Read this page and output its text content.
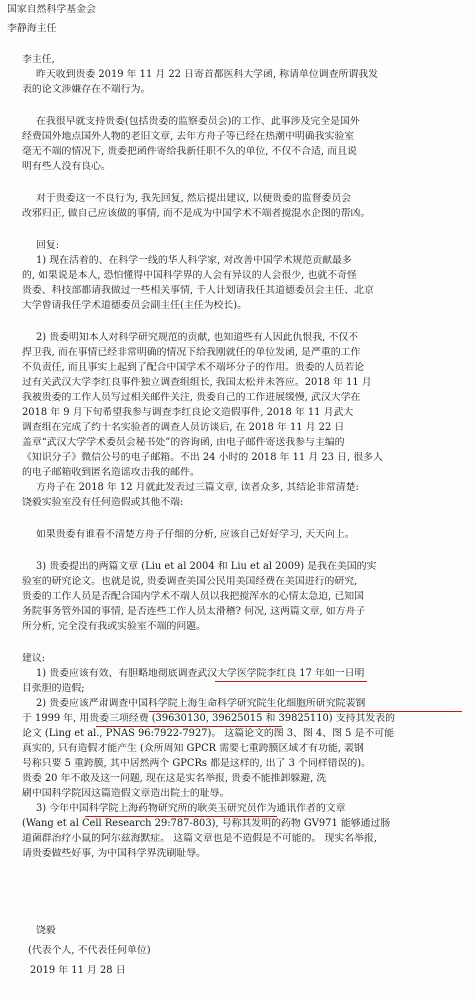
国家自然科学基金会
李静海主任
李主任,
昨天收到贵委 2019 年 11 月 22 日寄首都医科大学函, 称请单位调查所谓我发
表的论文涉嫌存在不端行为。
在我很早就支持贵委(包括贵委的监察委员会)的工作、此事涉及完全是国外
经费国外地点国外人物的老旧文章, 去年方舟子等已经在热潮中明确我实验室
毫无不端的情况下, 贵委把函件寄给我新任职不久的单位, 不仅不合适, 而且说
明有些人没有良心。
对于贵委这一不良行为, 我先回复, 然后提出建议, 以便贵委的监督委员会
改邪归正, 做自己应该做的事情, 而不是成为中国学术不端者搅混水企图的帮凶。
回复:
1) 现在活着的、在科学一线的华人科学家, 对改善中国学术规范贡献最多
的, 如果说是本人, 恐怕懂得中国科学界的人会有异议的人会很少, 也就不奇怪
贵委、科技部都请我做过一些相关事情, 千人计划请我任其道德委员会主任、北京
大学曾请我任学术道德委员会副主任(主任为校长)。
2) 贵委明知本人对科学研究规范的贡献, 也知道些有人因此仇恨我, 不仅不
捍卫我, 而在事情已经非常明确的情况下给我刚就任的单位发函, 是严重的工作
不负责任, 而且事实上起到了配合中国学术不端坏分子的作用。贵委的人员若论
过有关武汉大学李红良事件独立调查组组长, 我国太松并未答应。2018 年 11 月
我被贵委的工作人员写过相关邮件关注, 贵委自己的工作进展缓慢, 武汉大学在
2018 年 9 月下旬希望我参与调查李红良论文造假事件, 2018 年 11 月武大
调查组在完成了约十名实验者的调查人员访谈后, 在 2018 年 11 月 22 日
盖章“武汉大学学术委员会秘书处”的咨询函, 由电子邮件寄送我参与主编的
《知识分子》微信公号的电子邮箱。不出 24 小时的 2018 年 11 月 23 日, 很多人
的电子邮箱收到匿名造谣攻击我的邮件。
方舟子在 2018 年 12 月就此发表过三篇文章, 读者众多, 其结论非常清楚:
饶毅实验室没有任何造假或其他不端:
如果贵委有谁看不清楚方舟子仔细的分析, 应该自己好好学习, 天天向上。
3) 贵委提出的两篇文章 (Liu et al 2004 和 Liu et al 2009) 是我在美国的实
验室的研究论文。也就是说, 贵委调查美国公民用美国经费在美国进行的研究,
贵委的工作人员是否配合国内学术不端人员以我把搅浑水的心情太急迫, 已知国
务院事务管外国的事情, 是否连些工作人员太滑稽? 何况, 这两篇文章, 如方舟子
所分析, 完全没有我或实验室不端的问题。
建议:
1) 贵委应该有效、有胆略地彻底调查武汉大学医学院李红良 17 年如一日明
目张胆的造假;
2) 贵委应该严肃调查中国科学院上海生命科学研究院生化细胞所研究院裴钢
于 1999 年, 用贵委三项经费 (39630130, 39625015 和 39825110) 支持其发表的
论文 (Ling et al., PNAS 96:7922-7927)。 这篇论文的图 3、图 4、图 5 是不可能
真实的, 只有造假才能产生 (众所周知 GPCR 需要七重跨膜区域才有功能, 裴钢
号称只要 5 重跨膜, 其中居然两个 GPCRs 都是这样的, 出了 3 个同样错误的)。
贵委 20 年不敢及这一问题, 现在这是实名举报, 贵委不能推卸躲避, 洗
刷中国科学院因这篇造假文章造出院士的耻辱。
3) 今年中国科学院上海药物研究所的耿美玉研究员作为通讯作者的文章
(Wang et al Cell Research 29:787-803), 号称其发明的药物 GV971 能够通过肠
道菌群治疗小鼠的阿尔兹海默症。 这篇文章也是不造假是不可能的。 现实名举报,
请贵委做些好事, 为中国科学界洗刷耻辱。
饶毅
(代表个人, 不代表任何单位)
2019 年 11 月 28 日
